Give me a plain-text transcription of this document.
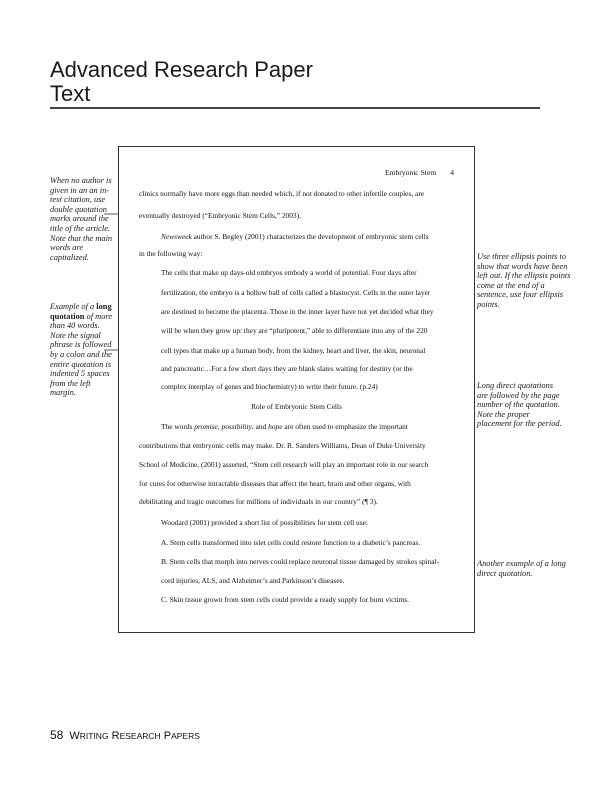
Advanced Research Paper
Text
When no author is given in an an in-text citation, use double quotation marks around the title of the article. Note that the main words are capitalized.
Example of a long quotation of more than 40 words. Note the signal phrase is followed by a colon and the entire quotation is indented 5 spaces from the left margin.
Use three ellipsis points to show that words have been left out. If the ellipsis points come at the end of a sentence, use four ellipsis points.
Long direct quotations are followed by the page number of the quotation. Note the proper placement for the period.
Another example of a long direct quotation.
Embryonic Stem 4
clinics normally have more eggs than needed which, if not donated to other infertile couples, are
eventually destroyed (“Embryonic Stem Cells,” 2003).
Newsweek author S. Begley (2001) characterizes the development of embryonic stem cells
in the following way:
The cells that make up days-old embryos embody a world of potential. Four days after
fertilization, the embryo is a hollow ball of cells called a blastocyst. Cells in the outer layer
are destined to become the placenta. Those in the inner layer have not yet decided what they
will be when they grow up: they are “pluripotent,” able to differentiate into any of the 220
cell types that make up a human body, from the kidney, heart and liver, the skin, neuronal
and pancreatic…For a few short days they are blank slates waiting for destiny (or the
complex interplay of genes and biochemistry) to write their future. (p.24)
Role of Embryonic Stem Cells
The words promise, possibility, and hope are often used to emphasize the important
contributions that embryonic cells may make. Dr. R. Sanders Williams, Dean of Duke University
School of Medicine, (2001) asserted, “Stem cell research will play an important role in our search
for cures for otherwise intractable diseases that affect the heart, brain and other organs, with
debilitating and tragic outcomes for millions of individuals in our country” (¶ 3).
Woodard (2001) provided a short list of possibilities for stem cell use:
A. Stem cells transformed into islet cells could restore function to a diabetic’s pancreas.
B. Stem cells that morph into nerves could replace neuronal tissue damaged by strokes spinal-
cord injuries, ALS, and Alzheimer’s and Parkinson’s diseases.
C. Skin tissue grown from stem cells could provide a ready supply for burn victims.
58 WRITING RESEARCH PAPERS
